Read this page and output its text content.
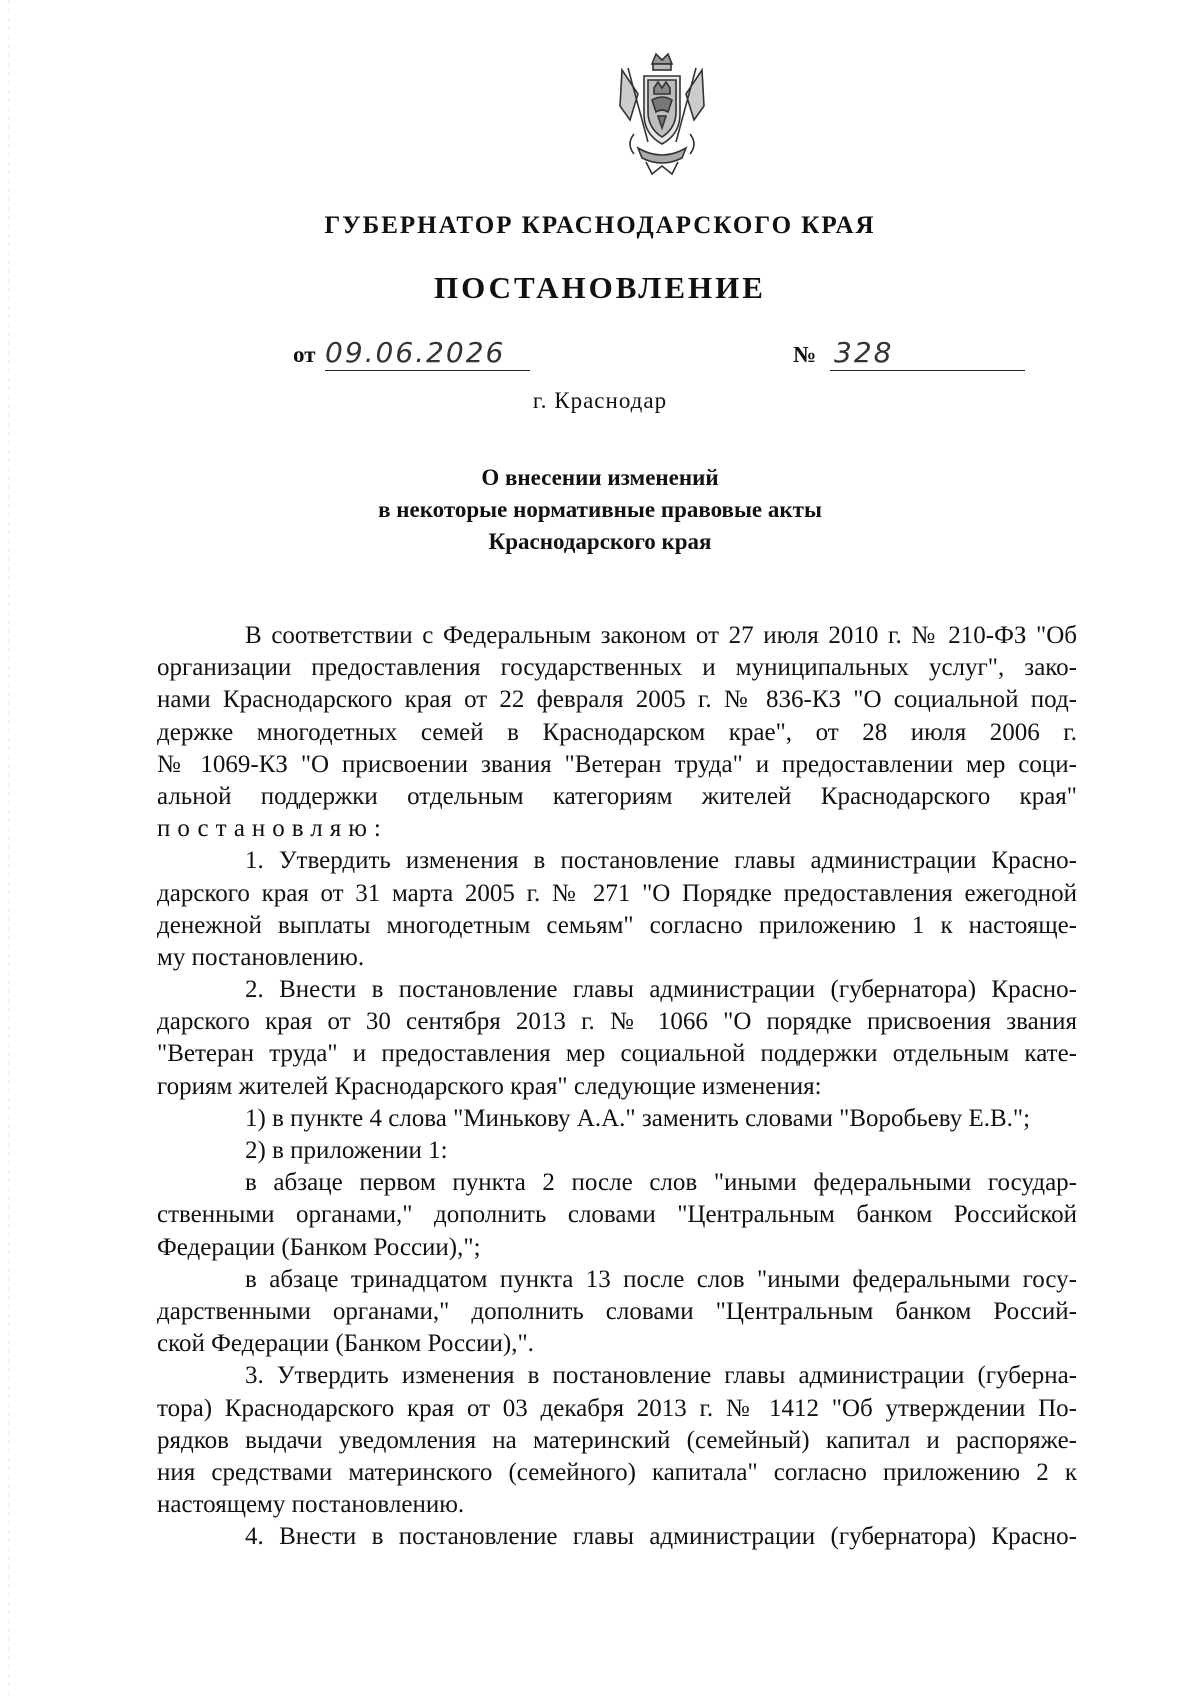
ГУБЕРНАТОР КРАСНОДАРСКОГО КРАЯ
ПОСТАНОВЛЕНИЕ
от 09.06.2026	№ 328
г. Краснодар
О внесении изменений
в некоторые нормативные правовые акты
Краснодарского края
В соответствии с Федеральным законом от 27 июля 2010 г. № 210-ФЗ "Об
организации предоставления государственных и муниципальных услуг", зако-
нами Краснодарского края от 22 февраля 2005 г. № 836-КЗ "О социальной под-
держке многодетных семей в Краснодарском крае", от 28 июля 2006 г.
№ 1069-КЗ "О присвоении звания "Ветеран труда" и предоставлении мер соци-
альной поддержки отдельным категориям жителей Краснодарского края"
постановляю:
1. Утвердить изменения в постановление главы администрации Красно-
дарского края от 31 марта 2005 г. № 271 "О Порядке предоставления ежегодной
денежной выплаты многодетным семьям" согласно приложению 1 к настояще-
му постановлению.
2. Внести в постановление главы администрации (губернатора) Красно-
дарского края от 30 сентября 2013 г. № 1066 "О порядке присвоения звания
"Ветеран труда" и предоставления мер социальной поддержки отдельным кате-
гориям жителей Краснодарского края" следующие изменения:
1) в пункте 4 слова "Минькову А.А." заменить словами "Воробьеву Е.В.";
2) в приложении 1:
в абзаце первом пункта 2 после слов "иными федеральными государ-
ственными органами," дополнить словами "Центральным банком Российской
Федерации (Банком России),";
в абзаце тринадцатом пункта 13 после слов "иными федеральными госу-
дарственными органами," дополнить словами "Центральным банком Россий-
ской Федерации (Банком России),".
3. Утвердить изменения в постановление главы администрации (губерна-
тора) Краснодарского края от 03 декабря 2013 г. № 1412 "Об утверждении По-
рядков выдачи уведомления на материнский (семейный) капитал и распоряже-
ния средствами материнского (семейного) капитала" согласно приложению 2 к
настоящему постановлению.
4. Внести в постановление главы администрации (губернатора) Красно-
